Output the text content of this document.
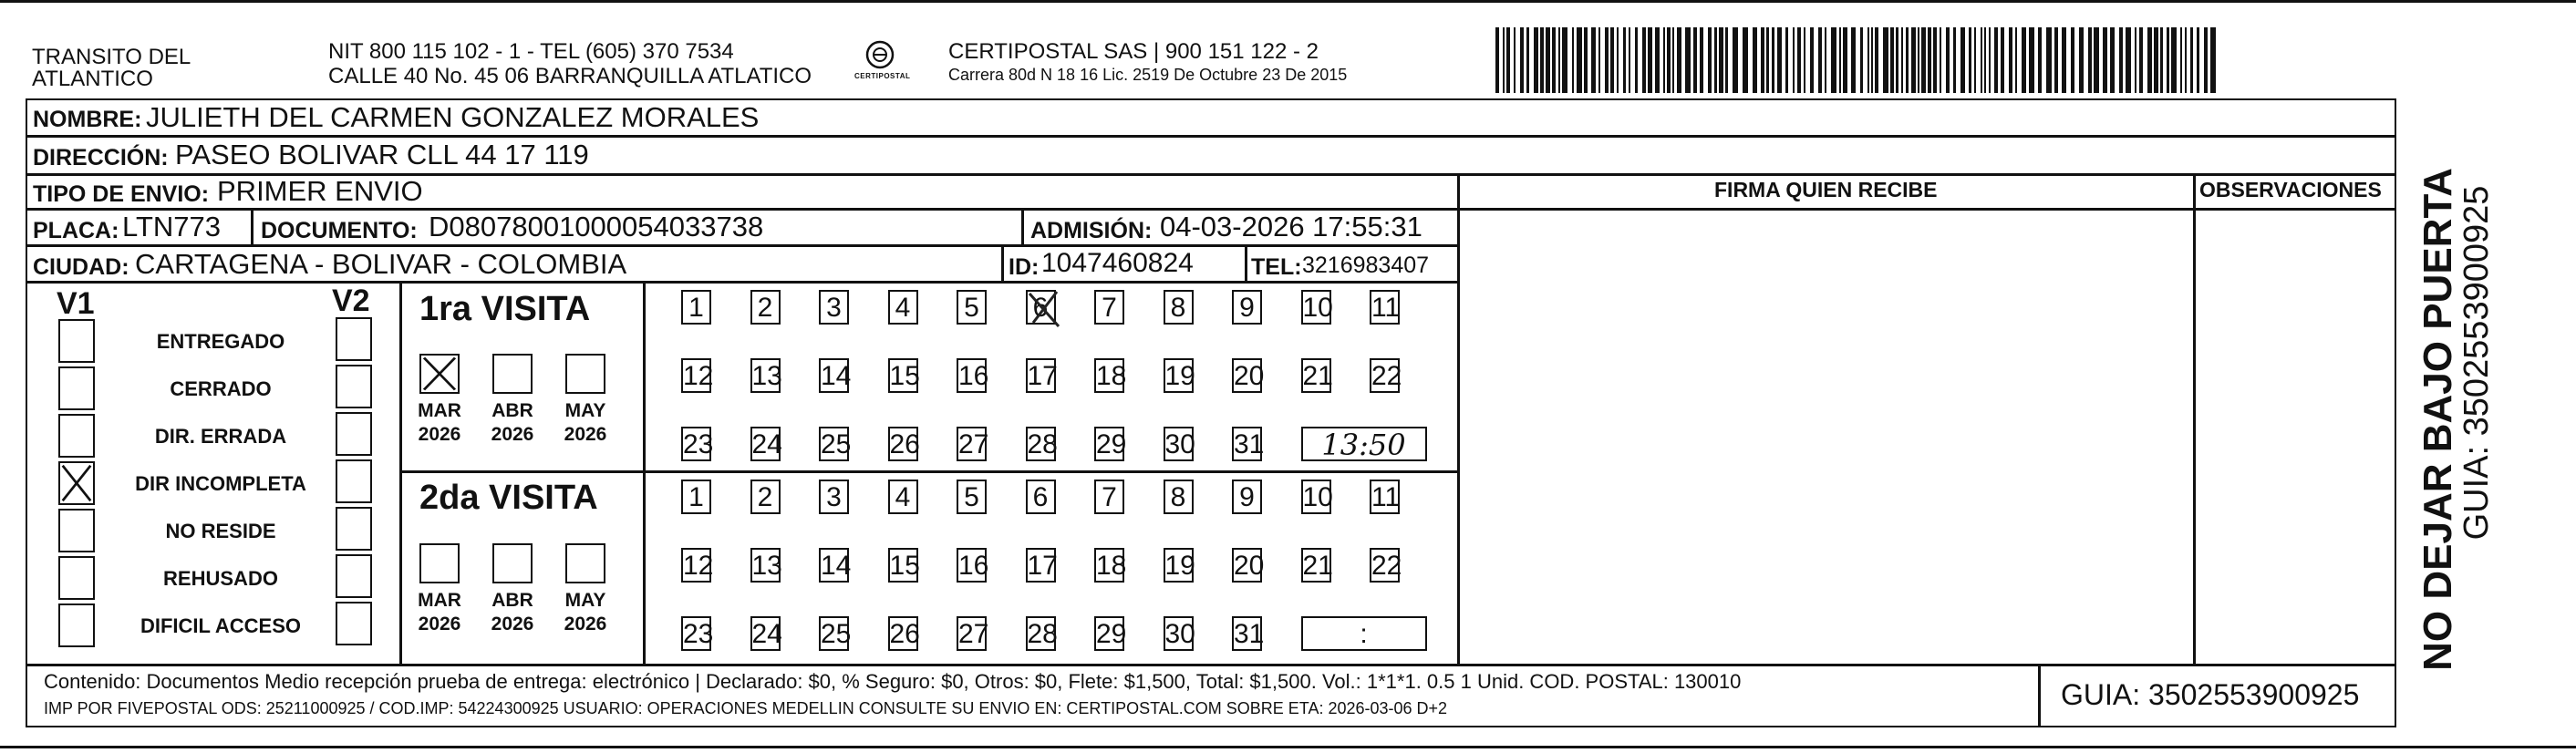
TRANSITO DEL
ATLANTICO
NIT 800 115 102 - 1 - TEL (605) 370 7534
CALLE 40 No. 45 06 BARRANQUILLA ATLATICO	CERTIPOSTAL
CERTIPOSTAL SAS | 900 151 122 - 2
Carrera 80d N 18 16 Lic. 2519 De Octubre 23 De 2015
NOMBRE: JULIETH DEL CARMEN GONZALEZ MORALES
DIRECCIÓN: PASEO BOLIVAR CLL 44 17 119
TIPO DE ENVIO: PRIMER ENVIO	FIRMA QUIEN RECIBE	OBSERVACIONES
PLACA: LTN773 DOCUMENTO: D08078001000054033738	ADMISIÓN: 04-03-2026 17:55:31
CIUDAD: CARTAGENA - BOLIVAR - COLOMBIA	ID: 1047460824	TEL: 3216983407
V1	V2
ENTREGADO
CERRADO
DIR. ERRADA
DIR INCOMPLETA
NO RESIDE
REHUSADO
DIFICIL ACCESO
1ra VISITA
MAR
2026
ABR
2026
MAY
2026
1 2 3 4 5 6 7 8 9 10 11
12 13 14 15 16 17 18 19 20 21 22
23 24 25 26 27 28 29 30 31	13:50
2da VISITA
MAR
2026
ABR
2026
MAY
2026
1 2 3 4 5 6 7 8 9 10 11
12 13 14 15 16 17 18 19 20 21 22
23 24 25 26 27 28 29 30 31	:
Contenido: Documentos Medio recepción prueba de entrega: electrónico | Declarado: $0, % Seguro: $0, Otros: $0, Flete: $1,500, Total: $1,500. Vol.: 1*1*1. 0.5 1 Unid. COD. POSTAL: 130010
IMP POR FIVEPOSTAL ODS: 25211000925 / COD.IMP: 54224300925 USUARIO: OPERACIONES MEDELLIN CONSULTE SU ENVIO EN: CERTIPOSTAL.COM SOBRE ETA: 2026-03-06 D+2	GUIA: 3502553900925
NO DEJAR BAJO PUERTA
GUIA: 3502553900925
